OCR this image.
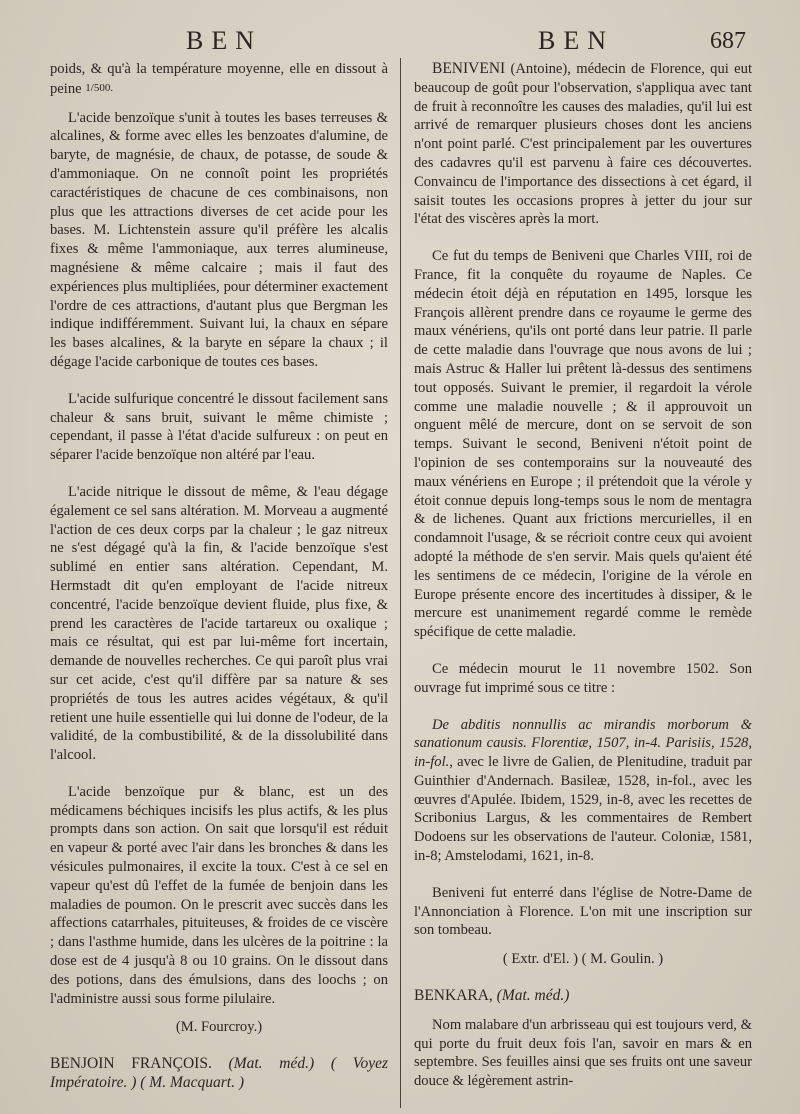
BEN	BEN	687

poids, & qu'à la température moyenne, elle en dissout à peine 1/500.

L'acide benzoïque s'unit à toutes les bases terreuses & alcalines, & forme avec elles les benzoates d'alumine, de baryte, de magnésie, de chaux, de potasse, de soude & d'ammoniaque. On ne connoît point les propriétés caractéristiques de chacune de ces combinaisons, non plus que les attractions diverses de cet acide pour les bases. M. Lichtenstein assure qu'il préfère les alcalis fixes & même l'ammoniaque, aux terres alumineuse, magnésiene & même calcaire ; mais il faut des expériences plus multipliées, pour déterminer exactement l'ordre de ces attractions, d'autant plus que Bergman les indique indifféremment. Suivant lui, la chaux en sépare les bases alcalines, & la baryte en sépare la chaux ; il dégage l'acide carbonique de toutes ces bases.

L'acide sulfurique concentré le dissout facilement sans chaleur & sans bruit, suivant le même chimiste ; cependant, il passe à l'état d'acide sulfureux : on peut en séparer l'acide benzoïque non altéré par l'eau.

L'acide nitrique le dissout de même, & l'eau dégage également ce sel sans altération. M. Morveau a augmenté l'action de ces deux corps par la chaleur ; le gaz nitreux ne s'est dégagé qu'à la fin, & l'acide benzoïque s'est sublimé en entier sans altération. Cependant, M. Hermstadt dit qu'en employant de l'acide nitreux concentré, l'acide benzoïque devient fluide, plus fixe, & prend les caractères de l'acide tartareux ou oxalique ; mais ce résultat, qui est par lui-même fort incertain, demande de nouvelles recherches. Ce qui paroît plus vrai sur cet acide, c'est qu'il diffère par sa nature & ses propriétés de tous les autres acides végétaux, & qu'il retient une huile essentielle qui lui donne de l'odeur, de la validité, de la combustibilité, & de la dissolubilité dans l'alcool.

L'acide benzoïque pur & blanc, est un des médicamens béchiques incisifs les plus actifs, & les plus prompts dans son action. On sait que lorsqu'il est réduit en vapeur & porté avec l'air dans les bronches & dans les vésicules pulmonaires, il excite la toux. C'est à ce sel en vapeur qu'est dû l'effet de la fumée de benjoin dans les maladies de poumon. On le prescrit avec succès dans les affections catarrhales, pituiteuses, & froides de ce viscère ; dans l'asthme humide, dans les ulcères de la poitrine : la dose est de 4 jusqu'à 8 ou 10 grains. On le dissout dans des potions, dans des émulsions, dans des loochs ; on l'administre aussi sous forme pilulaire.

(M. Fourcroy.)

BENJOIN FRANÇOIS. (Mat. méd.) ( Voyez Impératoire. ) ( M. Macquart. )

BENIVENI (Antoine), médecin de Florence, qui eut beaucoup de goût pour l'observation, s'appliqua avec tant de fruit à reconnoître les causes des maladies, qu'il lui est arrivé de remarquer plusieurs choses dont les anciens n'ont point parlé. C'est principalement par les ouvertures des cadavres qu'il est parvenu à faire ces découvertes. Convaincu de l'importance des dissections à cet égard, il saisit toutes les occasions propres à jetter du jour sur l'état des viscères après la mort.

Ce fut du temps de Beniveni que Charles VIII, roi de France, fit la conquête du royaume de Naples. Ce médecin étoit déjà en réputation en 1495, lorsque les François allèrent prendre dans ce royaume le germe des maux vénériens, qu'ils ont porté dans leur patrie. Il parle de cette maladie dans l'ouvrage que nous avons de lui ; mais Astruc & Haller lui prêtent là-dessus des sentimens tout opposés. Suivant le premier, il regardoit la vérole comme une maladie nouvelle ; & il approuvoit un onguent mêlé de mercure, dont on se servoit de son temps. Suivant le second, Beniveni n'étoit point de l'opinion de ses contemporains sur la nouveauté des maux vénériens en Europe ; il prétendoit que la vérole y étoit connue depuis long-temps sous le nom de mentagra & de lichenes. Quant aux frictions mercurielles, il en condamnoit l'usage, & se récrioit contre ceux qui avoient adopté la méthode de s'en servir. Mais quels qu'aient été les sentimens de ce médecin, l'origine de la vérole en Europe présente encore des incertitudes à dissiper, & le mercure est unanimement regardé comme le remède spécifique de cette maladie.

Ce médecin mourut le 11 novembre 1502. Son ouvrage fut imprimé sous ce titre :

De abditis nonnullis ac mirandis morborum & sanationum causis. Florentiæ, 1507, in-4. Parisiis, 1528, in-fol., avec le livre de Galien, de Plenitudine, traduit par Guinthier d'Andernach. Basileæ, 1528, in-fol., avec les œuvres d'Apulée. Ibidem, 1529, in-8, avec les recettes de Scribonius Largus, & les commentaires de Rembert Dodoens sur les observations de l'auteur. Coloniæ, 1581, in-8; Amstelodami, 1621, in-8.

Beniveni fut enterré dans l'église de Notre-Dame de l'Annonciation à Florence. L'on mit une inscription sur son tombeau.

( Extr. d'El. ) ( M. Goulin. )

BENKARA, (Mat. méd.)

Nom malabare d'un arbrisseau qui est toujours verd, & qui porte du fruit deux fois l'an, savoir en mars & en septembre. Ses feuilles ainsi que ses fruits ont une saveur douce & légèrement astrin-
